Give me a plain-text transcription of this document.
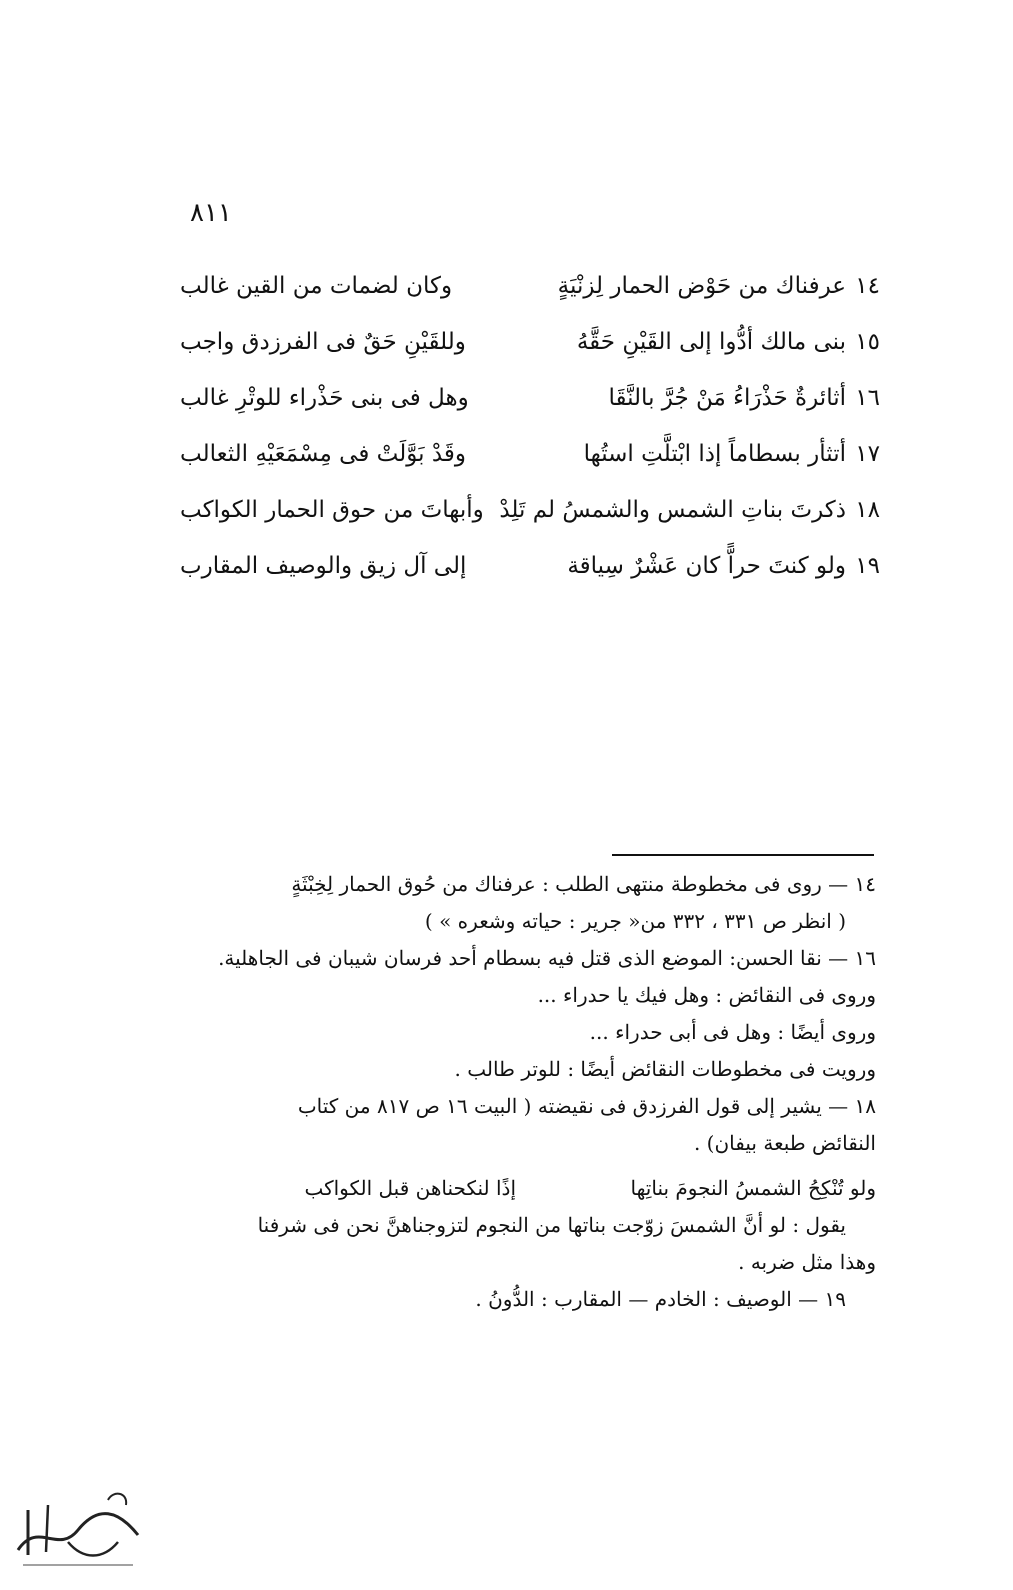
٨١١
١٤
عرفناك من حَوْض الحمار لِزنْيَةٍ
وكان لضمات من القين غالب
١٥
بنى مالك أدُّوا إلى القَيْنِ حَقَّهُ
وللقَيْنِ حَقٌ فى الفرزدق واجب
١٦
أثائرةٌ حَذْرَاءُ مَنْ جُرَّ بالنَّقَا
وهل فى بنى حَذْراء للوتْرِ غالب
١٧
أتثأر بسطاماً إذا ابْتلَّتِ استُها
وقَدْ بَوَّلَتْ فى مِسْمَعَيْهِ الثعالب
١٨
ذكرتَ بناتِ الشمس والشمسُ لم تَلِدْ
وأبهاتَ من حوق الحمار الكواكب
١٩
ولو كنتَ حراًّ كان عَشْرٌ سِياقة
إلى آل زيق والوصيف المقارب
١٤ — روى فى مخطوطة منتهى الطلب : عرفناك من حُوق الحمار لِخِبْثَةٍ
( انظر ص ٣٣١ ، ٣٣٢ من« جرير : حياته وشعره » )
١٦ — نقا الحسن: الموضع الذى قتل فيه بسطام أحد فرسان شيبان فى الجاهلية.
وروى فى النقائض : وهل فيك يا حدراء ...
وروى أيضًا : وهل فى أبى حدراء ...
ورويت فى مخطوطات النقائض أيضًا : للوتر طالب .
١٨ — يشير إلى قول الفرزدق فى نقيضته ( البيت ١٦ ص ٨١٧ من كتاب
النقائض طبعة بيفان) .
ولو تُنْكِحُ الشمسُ النجومَ بناتِها
إذًا لنكحناهن قبل الكواكب
يقول : لو أنَّ الشمسَ زوّجت بناتها من النجوم لتزوجناهنَّ نحن فى شرفنا
وهذا مثل ضربه .
١٩ — الوصيف : الخادم — المقارب : الدُّونُ .
